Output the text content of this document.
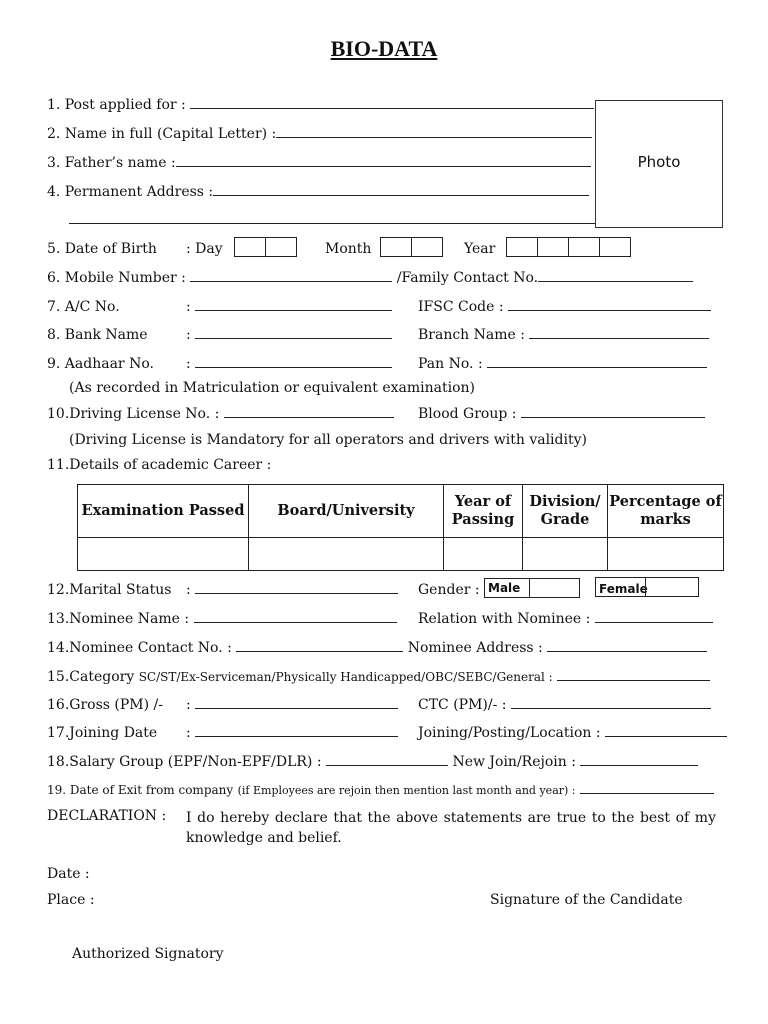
BIO-DATA
Photo
1. Post applied for :
2. Name in full (Capital Letter) :
3. Father’s name :
4. Permanent Address :
5. Date of Birth : Day	Month	Year
6. Mobile Number :	/Family Contact No.
7. A/C No.	:	IFSC Code :
8. Bank Name	:	Branch Name :
9. Aadhaar No. :	Pan No. :
(As recorded in Matriculation or equivalent examination)
10.Driving License No. :	Blood Group :
(Driving License is Mandatory for all operators and drivers with validity)
11.Details of academic Career :
Examination Passed	Board/University	Year of Passing	Division/ Grade	Percentage of marks

12.Marital Status :	Gender : Male	Female
13.Nominee Name :	Relation with Nominee :
14.Nominee Contact No. :	Nominee Address :
15.Category SC/ST/Ex-Serviceman/Physically Handicapped/OBC/SEBC/General :
16.Gross (PM) /- :	CTC (PM)/- :
17.Joining Date :	Joining/Posting/Location :
18.Salary Group (EPF/Non-EPF/DLR) :	New Join/Rejoin :
19. Date of Exit from company (if Employees are rejoin then mention last month and year) :
DECLARATION : I do hereby declare that the above statements are true to the best of my knowledge and belief.
Date :
Place :	Signature of the Candidate
Authorized Signatory
